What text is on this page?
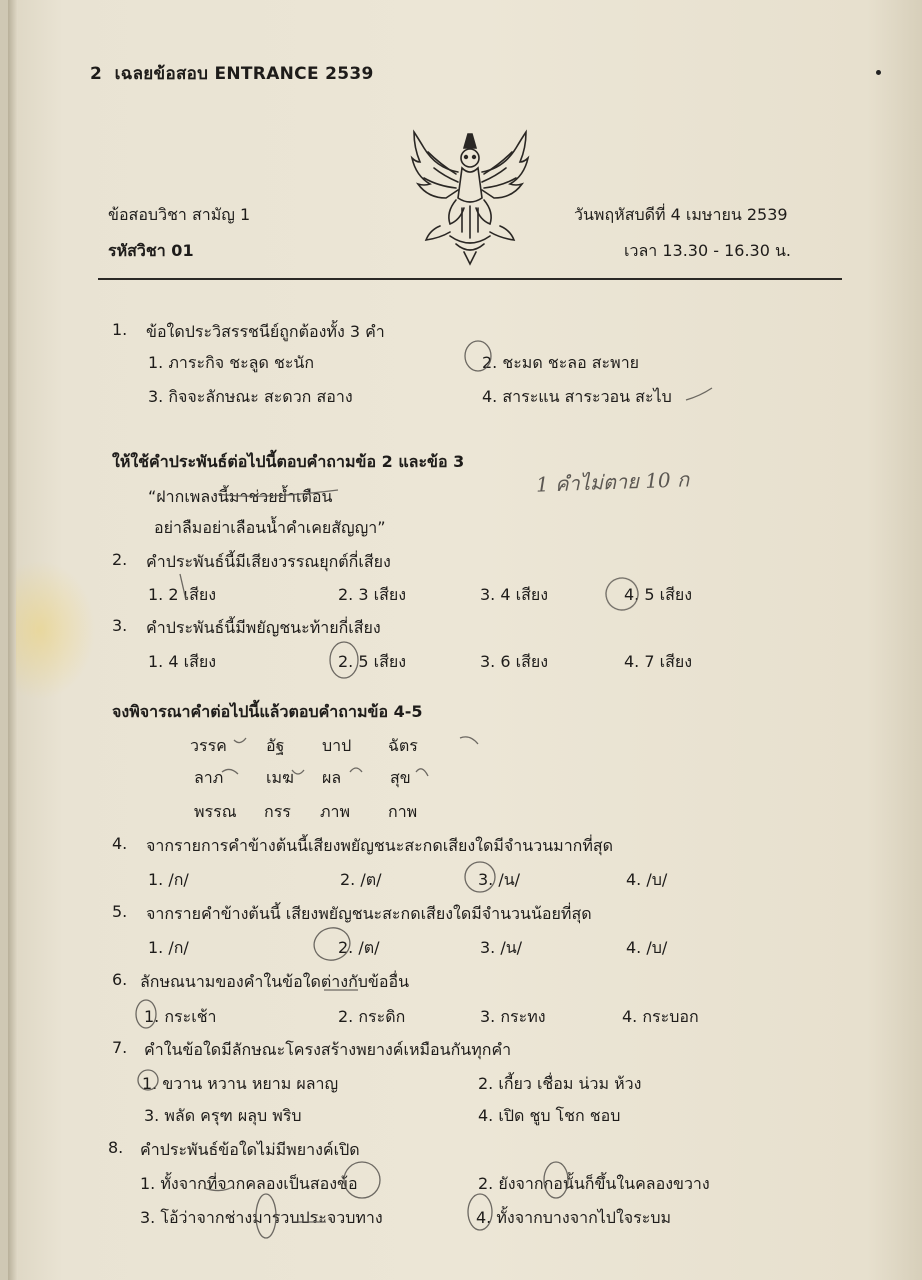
2 เฉลยข้อสอบ ENTRANCE 2539
ข้อสอบวิชา สามัญ 1
รหัสวิชา 01
วันพฤหัสบดีที่ 4 เมษายน 2539
เวลา 13.30 - 16.30 น.
1. ข้อใดประวิสรรชนีย์ถูกต้องทั้ง 3 คำ
1. ภาระกิจ ชะลูด ชะนัก	2. ชะมด ชะลอ สะพาย
3. กิจจะลักษณะ สะดวก สอาง	4. สาระแน สาระวอน สะไบ
ให้ใช้คำประพันธ์ต่อไปนี้ตอบคำถามข้อ 2 และข้อ 3
“ฝากเพลงนี้มาช่วยย้ำเตือน
อย่าลืมอย่าเลือนน้ำคำเคยสัญญา”
1 คำไม่ตาย 10 ก
2. คำประพันธ์นี้มีเสียงวรรณยุกต์กี่เสียง
1. 2 เสียง	2. 3 เสียง	3. 4 เสียง	4. 5 เสียง
3. คำประพันธ์นี้มีพยัญชนะท้ายกี่เสียง
1. 4 เสียง	2. 5 เสียง	3. 6 เสียง	4. 7 เสียง
จงพิจารณาคำต่อไปนี้แล้วตอบคำถามข้อ 4-5
วรรค อัฐ บาป ฉัตร
ลาภ	เมฆ ผล	สุข
พรรณ กรร ภาพ กาพ
4. จากรายการคำข้างต้นนี้เสียงพยัญชนะสะกดเสียงใดมีจำนวนมากที่สุด
1. /ก/	2. /ต/	3. /น/	4. /บ/
5. จากรายคำข้างต้นนี้ เสียงพยัญชนะสะกดเสียงใดมีจำนวนน้อยที่สุด
1. /ก/	2. /ต/	3. /น/	4. /บ/
6. ลักษณนามของคำในข้อใดต่างกับข้ออื่น
1. กระเช้า	2. กระดิก	3. กระทง	4. กระบอก
7. คำในข้อใดมีลักษณะโครงสร้างพยางค์เหมือนกันทุกคำ
1. ขวาน หวาน หยาม ผลาญ	2. เกี้ยว เชื่อม น่วม ห้วง
3. พลัด ครุฑ ผลุบ พริบ	4. เปิด ชูบ โชก ชอบ
8. คำประพันธ์ข้อใดไม่มีพยางค์เปิด
1. ทั้งจากที่จากคลองเป็นสองข้อ	2. ยังจากกอนั้นก็ขึ้นในคลองขวาง
3. โอ้ว่าจากช่างมารวบประจวบทาง	4. ทั้งจากบางจากไปใจระบม
